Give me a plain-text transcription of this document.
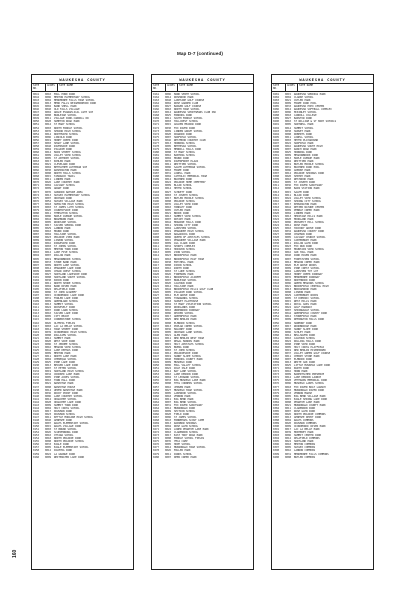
Map D-7 (continued)
WAUKESHA COUNTY
SITE NO.
ACRES	SITE NAME
0041	0010	MILL POND PARK
0042	0006	MERTON ELEMENTARY SCHOOL
0043	0004	MENOMONEE FALLS HIGH SCHOOL
0044	0013	MENO FALLS NEIGHBORHOOD PARK
0045	0002	BAND SHELL PARK
0046	0040	OLD FALLS VILLAGE
0047	0002	GRACE EVANGELICAL LUTH SCH
0048	0008	BURLEIGH SCHOOL
0049	0011	VILLAGE PARK-CARROLL DR
0050	0028	HAMPTON ROAD PARK
0051	0012	ST MARY SCHOOL
0052	0003	NORTH MIDDLE SCHOOL
0053	0035	SENIOR HIGH SCHOOL
0054	0014	NORTHVIEW SCHOOL
0055	0006	LINCOLN PARK
0056	0019	HONEY CREEK PARK
0057	0003	SHADY LANE SCHOOL
0058	0048	RIVERSIDE PARK
0059	0004	PILGRIM PARK
0060	0012	MAIN STREET SCHOOL
0061	0009	VALLEY VIEW SCHOOL
0062	0005	ST ANTHONY SCHOOL
0063	0017	KOHLER PARK
0064	0021	CLEVELAND PARK
0065	0002	BETHLEHEM LUTHERAN SCH
0066	0030	WASHINGTON PARK
0067	0008	NORTH HILLS SCHOOL
0068	0015	TAMARACK TRAIL
0069	0011	LINDEN PARK
0070	0026	LAKE COUNTRY PARK
0071	0004	CALVARY SCHOOL
0072	0009	GRANT PARK
0073	0035	OAKWOOD NATURE AREA
0074	0013	SUSSEX ELEMENTARY SCHOOL
0075	0007	ORCHARD PARK
0076	0052	SUSSEX VILLAGE PARK
0077	0018	HAMILTON HIGH SCHOOL
0078	0003	ST JAMES LUTH SCHOOL
0079	0020	COUNTRYSIDE PARK
0080	0011	TEMPLETON SCHOOL
0081	0006	MAPLE AVENUE SCHOOL
0082	0042	BRAEBURN PARK
0083	0005	WOODSIDE SCHOOL
0084	0017	SILVER SPRING PARK
0085	0029	LANNON PARK
0086	0010	MOUND PARK
0087	0004	HILLSIDE SCHOOL
0088	0023	PRAIRIE VIEW PARK
0089	0008	LISBON SCHOOL
0090	0016	RIDGEVIEW PARK
0091	0003	ST JOHNS SCHOOL
0092	0045	MERTON TOWN PARK
0093	0012	LAKE FIVE SCHOOL
0094	0007	WILLOW PARK
0095	0019	MEADOWBROOK SCHOOL
0096	0033	STONE BANK PARK
0097	0009	NORTH LAKE SCHOOL
0098	0014	PEWAUKEE LAKE PARK
0099	0005	CEDAR CREST SCHOOL
0100	0027	HARTLAND LAKESIDE PARK
0101	0008	HARTLAND SOUTH SCHOOL
0102	0038	NIXON PARK
0103	0011	NORTH SHORE SCHOOL
0104	0004	BARK RIVER PARK
0105	0022	DELAFIELD PARK
0106	0006	ST JOHN ACADEMY
0107	0015	OCONOMOWOC LAKE PARK
0108	0031	FOWLER LAKE PARK
0109	0009	GREENLAND SCHOOL
0110	0013	SUMMIT SCHOOL
0111	0024	ROOSEVELT PARK
0112	0007	PARK LAWN SCHOOL
0113	0010	SILVER LAKE PARK
0114	0005	CITY BEACH
0115	0018	CORNERSTONE SCHOOL
0116	0026	OLYMPIA FIELDS
0117	0003	LAC LA BELLE SCHOOL
0118	0014	HIGH STREET PARK
0119	0039	OCONOMOWOC HIGH SCHOOL
0120	0008	WILLIAMS SCHOOL
0121	0012	SUMMIT PARK
0122	0020	WEST SIDE PARK
0123	0006	ST JEROME SCHOOL
0124	0016	MEADOW VIEW SCHOOL
0125	0044	LAKE KEESUS PARK
0126	0009	MERTON PARK
0127	0011	NORTH LAKE PARK
0128	0004	CHENEQUA SCHOOL
0129	0025	PINE LAKE PARK
0130	0013	BEAVER LAKE PARK
0131	0007	ST PETER SCHOOL
0132	0019	HARTLAND HIGH SCHOOL
0133	0032	CROOKED LAKE PARK
0134	0005	PINE ACRES SCHOOL
0135	0010	TOWN HALL PARK
0136	0021	NASHOTAH PARK
0137	0008	NASHOTAH HOUSE
0138	0014	UPPER NASHOTAH PARK
0139	0036	ROCKY POINT PARK
0140	0006	LAKE COUNTRY SCHOOL
0141	0012	OKAUCHEE SCHOOL
0142	0028	OKAUCHEE LAKE PARK
0143	0009	SUMMIT TOWN PARK
0144	0004	HOLY CROSS SCHOOL
0145	0017	DOUSMAN PARK
0146	0023	DOUSMAN SCHOOL
0147	0011	KETTLE MORAINE HIGH SCHOOL
0148	0040	GENESEE PARK
0149	0007	WALES ELEMENTARY SCHOOL
0150	0015	WALES VILLAGE PARK
0151	0003	ST BRUNO SCHOOL
0152	0026	SCUPPERNONG PARK
0153	0010	OTTAWA SCHOOL
0154	0018	NORTH PRAIRIE PARK
0155	0008	NORTH PRAIRIE SCHOOL
0156	0033	EAGLE PARK
0157	0005	EAGLE ELEMENTARY SCHOOL
0158	0012	PALMYRA PARK
0159	0022	LA GRANGE PARK
0160	0009	WHITEWATER LAKE PARK
WAUKESHA COUNTY
SITE NO.
ACRES	SITE NAME
0161	0006	MARK SMITH SCHOOL
0162	0014	ROSEWOOD PARK
0163	0048	LAKESIDE GOLF COURSE
0164	0004	ROSE GARDEN CLUB
0165	0027	BADGER GOLF COURSE
0166	0010	NORTH HIGH SCHOOL
0167	0012	WAUKESHA SPORTSMANS CLUB INC
0168	0025	MINOOKA PARK
0169	0011	SOUTH MIDDLE SCHOOL
0170	0003	HILLCREST SCHOOL
0171	0015	GOLDEN MEADOW PARK
0172	0030	FOX RIVER PARK
0173	0009	LINDEN GROVE SCHOOL
0174	0020	DOGWOOD PARK
0175	0007	HADFIELD SCHOOL
0176	0046	WESTMOOR COUNTRY CLUB
0177	0013	HORNING SCHOOL
0178	0005	BETHESDA SCHOOL
0179	0024	MERRILL HILLS PARK
0180	0008	ST MARY SCHOOL
0181	0016	BANTING SCHOOL
0182	0002	MOUND PARK
0183	0039	RIVERFRONT PLAZA
0184	0011	WHITTIER SCHOOL
0185	0006	SALEM LUTHERAN SCHOOL
0186	0018	FRAME PARK
0187	0031	LOWELL PARK
0188	0004	CATHOLIC MEMORIAL HIGH
0189	0012	BUCHNER PARK
0190	0022	PRAIRIE HOME CEMETERY
0191	0009	BLAIR SCHOOL
0192	0014	HEYER SCHOOL
0193	0027	SCHUETT PARK
0194	0003	ST JOSEPH SCHOOL
0195	0017	BUTLER MIDDLE SCHOOL
0196	0008	PRAIRIE SCHOOL
0197	0035	VALLEY VIEW PARK
0198	0010	HINKLEY PARK
0199	0005	CUTLER PARK
0200	0021	BROOK PARK
0201	0013	SUMMIT VIEW SCHOOL
0202	0007	ROTARY PARK
0203	0044	MORAINE HILLS PARK
0204	0011	SPRING CITY PARK
0205	0004	LAKEVIEW SCHOOL
0206	0019	PEWAUKEE HIGH SCHOOL
0207	0028	NAGAWICKA PARK
0208	0006	QUEEN OF APOSTLES SCHOOL
0209	0015	PEWAUKEE VILLAGE PARK
0210	0009	ASA CLARK PARK
0211	0032	SPORTS COMPLEX
0212	0012	HORIZON SCHOOL
0213	0005	ZION SCHOOL
0214	0023	BROOKFIELD PARK
0215	0010	BROOKFIELD EAST HIGH
0216	0038	MITCHELL PARK
0217	0008	DIXON SCHOOL
0218	0016	WIRTH PARK
0219	0003	ST LUKE SCHOOL
0220	0026	FIREMANS PARK
0221	0011	BROOKFIELD ACADEMY
0222	0007	BURLEIGH SCHOOL
0223	0020	CALHOUN PARK
0224	0014	HILLSIDE PARK
0225	0042	BROOKFIELD HILLS GOLF CLUB
0226	0005	PILGRIM PARK SCHOOL
0227	0012	ELM GROVE PARK
0228	0009	TONAWANDA SCHOOL
0229	0018	SUNSET PLAYHOUSE
0230	0004	ST MARY VISITATION SCHOOL
0231	0030	WOODLANDS PARK
0232	0010	UNDERWOOD PARKWAY
0233	0006	DECKER SCHOOL
0234	0017	GREENFIELD PARK
0235	0025	NEW BERLIN PARK
0236	0008	ELMWOOD SCHOOL
0237	0013	POPLAR CREEK SCHOOL
0238	0036	MALONEY PARK
0239	0005	ORCHARD LANE SCHOOL
0240	0021	GLEN PARK
0241	0011	NEW BERLIN WEST HIGH
0242	0007	REGAL MANORS PARK
0243	0015	HOLY APOSTLES SCHOOL
0244	0029	BUENA PARK
0245	0003	ST JOHN SCHOOL
0246	0012	PRAIRIESIDE PARK
0247	0019	SUNNY SLOPE SCHOOL
0248	0040	MINOOKA COUNTY PARK
0249	0009	MUSKEGO PARK
0250	0006	MILL VALLEY SCHOOL
0251	0022	IDLE ISLE PARK
0252	0014	BAY LANE SCHOOL
0253	0010	LAKE DENOON PARK
0254	0004	ST LEONARD SCHOOL
0255	0033	BIG MUSKEGO LAKE PARK
0256	0008	TESS CORNERS SCHOOL
0257	0016	JENSEN PARK
0258	0027	MUSKEGO HIGH SCHOOL
0259	0005	LAKEWOOD SCHOOL
0260	0018	VERNON PARK
0261	0011	BIG BEND PARK
0262	0007	BIG BEND SCHOOL
0263	0031	FOX RIVER SANCTUARY
0264	0012	MUKWONAGO PARK
0265	0009	SECTION SCHOOL
0266	0020	FIELD PARK
0267	0006	ST JAMES SCHOOL
0268	0043	MINNEHAHA SCOUT CAMP
0269	0013	RAINBOW SPRINGS
0270	0004	ROSE GLEN SCHOOL
0271	0024	LOWER PHANTOM LAKE PARK
0272	0010	CLARENDON SCHOOL
0273	0017	EAST TROY ROAD PARK
0274	0008	MIDDLE SCHOOL FIELDS
0275	0035	YMCA CAMP
0276	0005	HOPE SCHOOL
0277	0014	MUKWONAGO HIGH SCHOOL
0278	0026	MILLER PARK
0279	0011	PARKS SCHOOL
0280	0007	DEER CREEK PARK
WAUKESHA COUNTY
SITE NO.
ACRES	SITE NAME
0281	0015	WAUKESHA SPRINGS PARK
0282	0004	CLARKE SCHOOL
0283	0021	CUTLER PARK
0284	0009	FRAME PARK POOL
0285	0033	WAUKESHA EXPO CENTER
0286	0012	WAUKESHA SOFTBALL COMPLEX
0287	0006	MCKINLEY SCHOOL
0288	0018	CARROLL COLLEGE
0289	0027	BARSTOW PARK
0290	0010	ST WILLIAM & ST MARY SCHOOLS
0291	0005	HARTWELL PARK
0292	0014	SUMMIT SCHOOL
0293	0038	SUNSET PARK
0294	0008	ROBERTS PARK
0295	0011	LOWELL SCHOOL
0296	0003	HEYER PLAYGROUND
0297	0022	HADFIELD PARK
0298	0016	WAUKESHA SOUTH HIGH
0299	0007	RANCH ROAD PARK
0300	0025	HORNING PARK
0301	0009	MEADOWBROOK PARK
0302	0013	MAPLE AVENUE PARK
0303	0004	WHITTIER PARK
0304	0019	BUTLER MIDDLE SCHOOL
0305	0031	BUCHNER PARK POOL
0306	0006	GOERKE PARK
0307	0012	PRAIRIE SPRINGS PARK
0308	0020	SENTRY PARK
0309	0010	WESTWOOD PARK
0310	0005	ST JOSEPH PARK
0311	0036	FOX RIVER SANCTUARY
0312	0008	BAIN STATION PARK
0313	0015	SALEM PARK
0314	0011	BLAIR PARK
0315	0024	VALLEY VIEW SCHOOL
0316	0007	SPRING CITY SCHOOL
0317	0017	KENSINGTON PARK
0318	0042	RETZER NATURE CENTER
0319	0009	PEBBLE CREEK PARK
0320	0004	LINDEN PARK
0321	0013	HERITAGE HILLS PARK
0322	0028	MOORLAND PARK
0323	0006	PROSPECT HILL SCHOOL
0324	0014	ROSE PARK
0325	0010	HICKORY GROVE PARK
0326	0032	WAUKESHA COUNTY PARK
0327	0008	CHAPMAN PARK
0328	0005	CALVARY CHURCH SCHOOL
0329	0019	CANTERBURY PARK
0330	0011	WILLOW GLEN PARK
0331	0023	FOX RUN PARK
0332	0003	MOUNTAIN VIEW SCHOOL
0333	0016	OAK HILL PARK
0334	0040	PARK HAVEN PARK
0335	0007	FORESTVIEW SCHOOL
0336	0012	MEADOW CREEK PARK
0337	0026	ELM GROVE WOODS
0338	0009	PINE CREST SCHOOL
0339	0004	LAKEVIEW TOT LOT
0340	0018	HONEY CREEK PARKWAY
0341	0035	MENOMONEE PARKWAY
0342	0010	NORTHWOOD PARK
0343	0006	GREEN MEADOWS SCHOOL
0344	0021	BROOKFIELD CENTRAL HIGH
0345	0013	BRIDGEWOOD PARK
0346	0008	LISBON PARK
0347	0029	CANTERBURY WOODS
0348	0005	ST DOMINIC SCHOOL
0349	0015	WEST HILLS PARK
0350	0011	ROYAL OAKS PARK
0351	0024	GOLF PARKWAY
0352	0007	SPRINGDALE SCHOOL
0353	0044	GREENFIELD COUNTY PARK
0354	0012	STONEFIELD PARK
0355	0009	REMINGTON HILLS PARK
0356	0004	HARMONY PARK
0357	0017	WOODBRIDGE PARK
0358	0030	SUNNY SLOPE PARK
0359	0006	SCHLEY PARK
0360	0014	BELLHAVEN PARK
0361	0010	CALHOUN SCHOOL
0362	0022	ROLLING HILLS PARK
0363	0008	PINE VIEW PARK
0364	0005	HOLY CROSS PLAYFIELD
0365	0019	NEW BERLIN EISENHOWER
0366	0037	VALLEY GREEN GOLF COURSE
0367	0011	CHERRY STONE PARK
0368	0007	ELMWOOD PARK
0369	0013	WHITE OAK PARK
0370	0025	LITTLE MUSKEGO LAKE PARK
0371	0004	KURTH PARK
0372	0016	HORN PARK
0373	0009	BADERTSCHER PRESERVE
0374	0012	LAKE DENOON LAUNCH
0375	0028	VETERANS MEMORIAL PARK
0376	0006	MUSKEGO LAKES SCHOOL
0377	0018	FOX RIVER BOAT LAUNCH
0378	0010	MUKWONAGO RIVER PARK
0379	0033	VERNON MARSH
0380	0005	BIG BEND VILLAGE PARK
0381	0015	EAGLE SPRING LAKE PARK
0382	0008	PHANTOM LAKE PARK
0383	0021	MUKWONAGO COUNTY PARK
0384	0011	CLARENDON PARK
0385	0007	ROSE GLEN PARK
0386	0026	NORTH PRAIRIE COMMONS
0387	0013	GENESEE DEPOT PARK
0388	0004	WALES COMMONS
0389	0020	DOUSMAN COMMONS
0390	0009	OCONOMOWOC RIVER PARK
0391	0017	LAC LA BELLE PARK
0392	0039	MONTEREY PARK
0393	0006	SUMMIT CENTER PARK
0394	0012	DELAFIELD COMMONS
0395	0024	HARTLAND PARK
0396	0010	MERTON COMMONS
0397	0005	SUSSEX COMMONS
0398	0016	LANNON COMMONS
0399	0031	MENOMONEE FALLS COMMONS
0400	0008	BUTLER COMMONS
160
